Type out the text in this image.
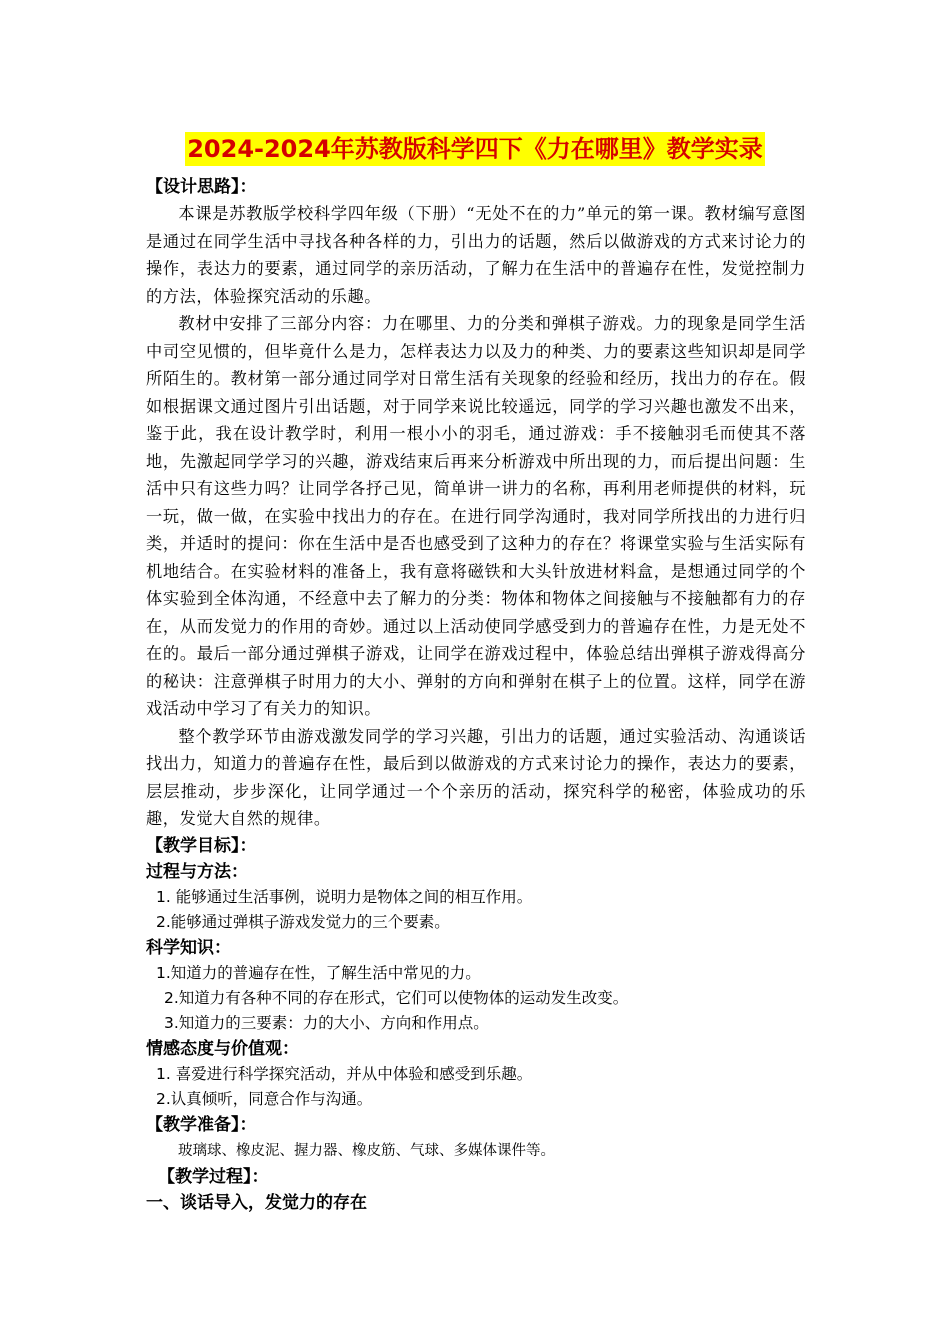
2024-2024年苏教版科学四下《力在哪里》教学实录

【设计思路】：

本课是苏教版学校科学四年级（下册）“无处不在的力”单元的第一课。教材编写意图是通过在同学生活中寻找各种各样的力，引出力的话题，然后以做游戏的方式来讨论力的操作，表达力的要素，通过同学的亲历活动，了解力在生活中的普遍存在性，发觉控制力的方法，体验探究活动的乐趣。

教材中安排了三部分内容：力在哪里、力的分类和弹棋子游戏。力的现象是同学生活中司空见惯的，但毕竟什么是力，怎样表达力以及力的种类、力的要素这些知识却是同学所陌生的。教材第一部分通过同学对日常生活有关现象的经验和经历，找出力的存在。假如根据课文通过图片引出话题，对于同学来说比较遥远，同学的学习兴趣也激发不出来，鉴于此，我在设计教学时，利用一根小小的羽毛，通过游戏：手不接触羽毛而使其不落地，先激起同学学习的兴趣，游戏结束后再来分析游戏中所出现的力，而后提出问题：生活中只有这些力吗？让同学各抒己见，简单讲一讲力的名称，再利用老师提供的材料，玩一玩，做一做，在实验中找出力的存在。在进行同学沟通时，我对同学所找出的力进行归类，并适时的提问：你在生活中是否也感受到了这种力的存在？将课堂实验与生活实际有机地结合。在实验材料的准备上，我有意将磁铁和大头针放进材料盒，是想通过同学的个体实验到全体沟通，不经意中去了解力的分类：物体和物体之间接触与不接触都有力的存在，从而发觉力的作用的奇妙。通过以上活动使同学感受到力的普遍存在性，力是无处不在的。最后一部分通过弹棋子游戏，让同学在游戏过程中，体验总结出弹棋子游戏得高分的秘诀：注意弹棋子时用力的大小、弹射的方向和弹射在棋子上的位置。这样，同学在游戏活动中学习了有关力的知识。

整个教学环节由游戏激发同学的学习兴趣，引出力的话题，通过实验活动、沟通谈话找出力，知道力的普遍存在性，最后到以做游戏的方式来讨论力的操作，表达力的要素，层层推动，步步深化，让同学通过一个个亲历的活动，探究科学的秘密，体验成功的乐趣，发觉大自然的规律。

【教学目标】：

过程与方法：

1. 能够通过生活事例，说明力是物体之间的相互作用。

2.能够通过弹棋子游戏发觉力的三个要素。

科学知识：

1.知道力的普遍存在性，了解生活中常见的力。

2.知道力有各种不同的存在形式，它们可以使物体的运动发生改变。

3.知道力的三要素：力的大小、方向和作用点。

情感态度与价值观：

1. 喜爱进行科学探究活动，并从中体验和感受到乐趣。

2.认真倾听，同意合作与沟通。

【教学准备】：

玻璃球、橡皮泥、握力器、橡皮筋、气球、多媒体课件等。

【教学过程】：

一、谈话导入，发觉力的存在
